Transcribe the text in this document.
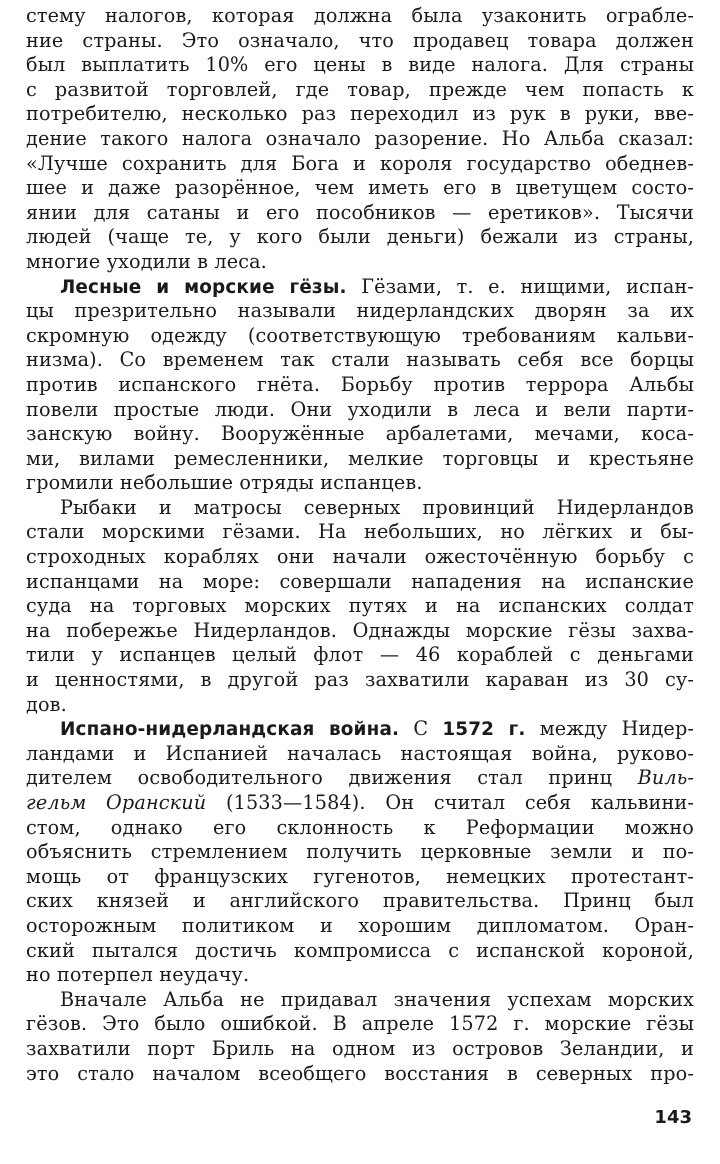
стему налогов, которая должна была узаконить ограбле-
ние страны. Это означало, что продавец товара должен
был выплатить 10% его цены в виде налога. Для страны
с развитой торговлей, где товар, прежде чем попасть к
потребителю, несколько раз переходил из рук в руки, вве-
дение такого налога означало разорение. Но Альба сказал:
«Лучше сохранить для Бога и короля государство обеднев-
шее и даже разорённое, чем иметь его в цветущем состо-
янии для сатаны и его пособников — еретиков». Тысячи
людей (чаще те, у кого были деньги) бежали из страны,
многие уходили в леса.
Лесные и морские гёзы. Гёзами, т. е. нищими, испан-
цы презрительно называли нидерландских дворян за их
скромную одежду (соответствующую требованиям кальви-
низма). Со временем так стали называть себя все борцы
против испанского гнёта. Борьбу против террора Альбы
повели простые люди. Они уходили в леса и вели парти-
занскую войну. Вооружённые арбалетами, мечами, коса-
ми, вилами ремесленники, мелкие торговцы и крестьяне
громили небольшие отряды испанцев.
Рыбаки и матросы северных провинций Нидерландов
стали морскими гёзами. На небольших, но лёгких и бы-
строходных кораблях они начали ожесточённую борьбу с
испанцами на море: совершали нападения на испанские
суда на торговых морских путях и на испанских солдат
на побережье Нидерландов. Однажды морские гёзы захва-
тили у испанцев целый флот — 46 кораблей с деньгами
и ценностями, в другой раз захватили караван из 30 су-
дов.
Испано-нидерландская война. С 1572 г. между Нидер-
ландами и Испанией началась настоящая война, руково-
дителем освободительного движения стал принц Виль-
гельм Оранский (1533—1584). Он считал себя кальвини-
стом, однако его склонность к Реформации можно
объяснить стремлением получить церковные земли и по-
мощь от французских гугенотов, немецких протестант-
ских князей и английского правительства. Принц был
осторожным политиком и хорошим дипломатом. Оран-
ский пытался достичь компромисса с испанской короной,
но потерпел неудачу.
Вначале Альба не придавал значения успехам морских
гёзов. Это было ошибкой. В апреле 1572 г. морские гёзы
захватили порт Бриль на одном из островов Зеландии, и
это стало началом всеобщего восстания в северных про-
143
